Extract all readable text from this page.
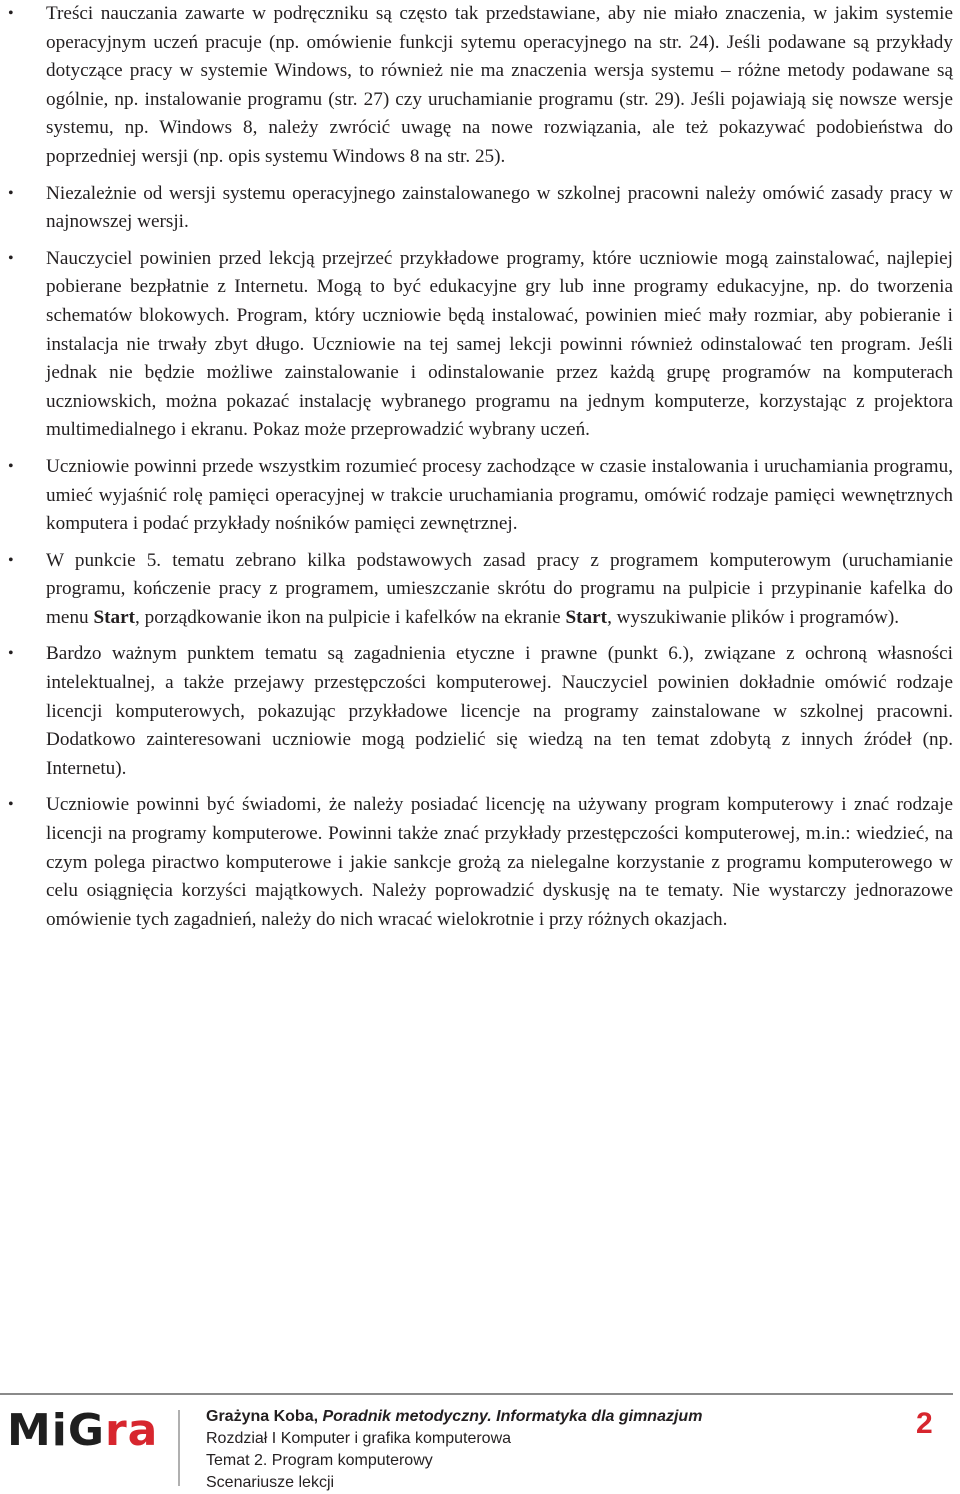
• Treści nauczania zawarte w podręczniku są często tak przedstawiane, aby nie miało znaczenia, w jakim systemie operacyjnym uczeń pracuje (np. omówienie funkcji sytemu operacyjnego na str. 24). Jeśli podawane są przykłady dotyczące pracy w systemie Windows, to również nie ma znaczenia wersja systemu – różne metody podawane są ogólnie, np. instalowanie programu (str. 27) czy uruchamianie programu (str. 29). Jeśli pojawiają się nowsze wersje systemu, np. Windows 8, należy zwrócić uwagę na nowe rozwiązania, ale też pokazywać podobieństwa do poprzedniej wersji (np. opis systemu Windows 8 na str. 25).
• Niezależnie od wersji systemu operacyjnego zainstalowanego w szkolnej pracowni należy omówić zasady pracy w najnowszej wersji.
• Nauczyciel powinien przed lekcją przejrzeć przykładowe programy, które uczniowie mogą zainstalować, najlepiej pobierane bezpłatnie z Internetu. Mogą to być edukacyjne gry lub inne programy edukacyjne, np. do tworzenia schematów blokowych. Program, który uczniowie będą instalować, powinien mieć mały rozmiar, aby pobieranie i instalacja nie trwały zbyt długo. Uczniowie na tej samej lekcji powinni również odinstalować ten program. Jeśli jednak nie będzie możliwe zainstalowanie i odinstalowanie przez każdą grupę programów na komputerach uczniowskich, można pokazać instalację wybranego programu na jednym komputerze, korzystając z projektora multimedialnego i ekranu. Pokaz może przeprowadzić wybrany uczeń.
• Uczniowie powinni przede wszystkim rozumieć procesy zachodzące w czasie instalowania i uruchamiania programu, umieć wyjaśnić rolę pamięci operacyjnej w trakcie uruchamiania programu, omówić rodzaje pamięci wewnętrznych komputera i podać przykłady nośników pamięci zewnętrznej.
• W punkcie 5. tematu zebrano kilka podstawowych zasad pracy z programem komputerowym (uruchamianie programu, kończenie pracy z programem, umieszczanie skrótu do programu na pulpicie i przypinanie kafelka do menu Start, porządkowanie ikon na pulpicie i kafelków na ekranie Start, wyszukiwanie plików i programów).
• Bardzo ważnym punktem tematu są zagadnienia etyczne i prawne (punkt 6.), związane z ochroną własności intelektualnej, a także przejawy przestępczości komputerowej. Nauczyciel powinien dokładnie omówić rodzaje licencji komputerowych, pokazując przykładowe licencje na programy zainstalowane w szkolnej pracowni. Dodatkowo zainteresowani uczniowie mogą podzielić się wiedzą na ten temat zdobytą z innych źródeł (np. Internetu).
• Uczniowie powinni być świadomi, że należy posiadać licencję na używany program komputerowy i znać rodzaje licencji na programy komputerowe. Powinni także znać przykłady przestępczości komputerowej, m.in.: wiedzieć, na czym polega piractwo komputerowe i jakie sankcje grożą za nielegalne korzystanie z programu komputerowego w celu osiągnięcia korzyści majątkowych. Należy poprowadzić dyskusję na te tematy. Nie wystarczy jednorazowe omówienie tych zagadnień, należy do nich wracać wielokrotnie i przy różnych okazjach.
MiGra	Grażyna Koba, Poradnik metodyczny. Informatyka dla gimnazjum
Rozdział I Komputer i grafika komputerowa
Temat 2. Program komputerowy
Scenariusze lekcji
2
